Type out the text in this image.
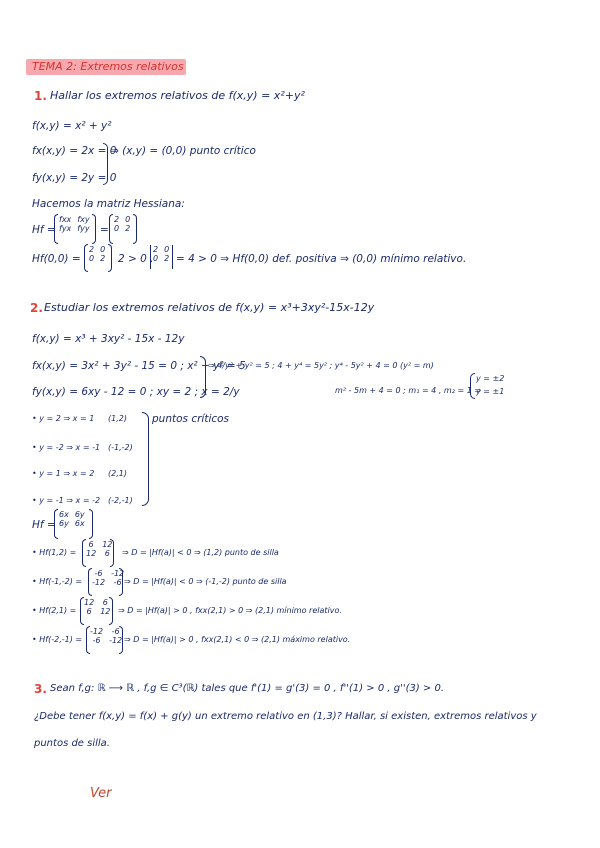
TEMA 2: Extremos relativos
1. Hallar los extremos relativos de f(x,y) = x²+y²
f(x,y) = x² + y²
fx(x,y) = 2x = 0
fy(x,y) = 2y = 0
⇒ (x,y) = (0,0) punto crítico
Hacemos la matriz Hessiana:
Hf =
fxx fxy
fyx fyy =
2 0
0 2
Hf(0,0) =
2 0
0 2 2 > 0 ,
2 0
0 2 = 4 > 0 ⇒ Hf(0,0) def. positiva ⇒ (0,0) mínimo relativo.
2. Estudiar los extremos relativos de f(x,y) = x³+3xy²-15x-12y
f(x,y) = x³ + 3xy² - 15x - 12y
fx(x,y) = 3x² + 3y² - 15 = 0 ; x² + y² = 5
fy(x,y) = 6xy - 12 = 0 ; xy = 2 ; x = 2/y
⇒ 4/y² + y² = 5 ; 4 + y⁴ = 5y² ; y⁴ - 5y² + 4 = 0 (y² = m)
m² - 5m + 4 = 0 ; m₁ = 4 , m₂ = 1 ⇒
y = ±2
y = ±1
• y = 2 ⇒ x = 1 (1,2)
• y = -2 ⇒ x = -1 (-1,-2)
• y = 1 ⇒ x = 2 (2,1)
• y = -1 ⇒ x = -2 (-2,-1)
puntos críticos
Hf =
6x 6y
6y 6x
• Hf(1,2) =
6	12
12	6	⇒ D = |Hf(a)| < 0 ⇒ (1,2) punto de silla
• Hf(-1,-2) =
-6	-12
-12	-6 ⇒ D = |Hf(a)| < 0 ⇒ (-1,-2) punto de silla
• Hf(2,1) =
12	6
6	12 ⇒ D = |Hf(a)| > 0 , fxx(2,1) > 0 ⇒ (2,1) mínimo relativo.
• Hf(-2,-1) =
-12	-6
-6	-12 ⇒ D = |Hf(a)| > 0 , fxx(2,1) < 0 ⇒ (2,1) máximo relativo.
3. Sean f,g: ℝ ⟶ ℝ , f,g ∈ C³(ℝ) tales que f'(1) = g'(3) = 0 , f''(1) > 0 , g''(3) > 0.
¿Debe tener f(x,y) = f(x) + g(y) un extremo relativo en (1,3)? Hallar, si existen, extremos relativos y
puntos de silla.
Ver
